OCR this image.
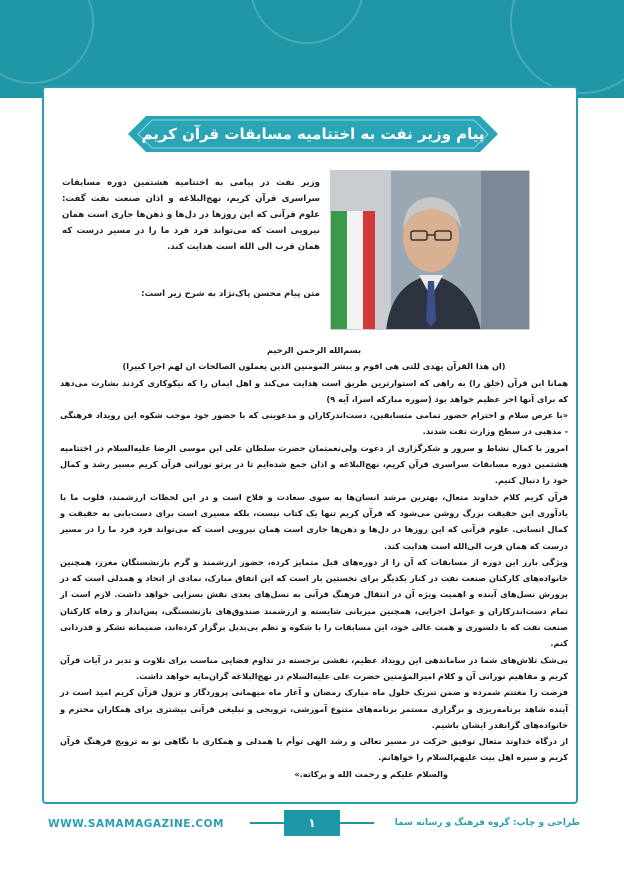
پیام وزیر نفت به اختتامیه مسابقات قرآن کریم
وزیر نفت در پیامی به اختتامیه هشتمین دوره مسابقات سراسری قرآن کریم، نهج‌البلاغه و اذان صنعت نفت گفت: علوم قرآنی که این روزها در دل‌ها و ذهن‌ها جاری است همان نیرویی است که می‌تواند فرد فرد ما را در مسیر درست که همان قرب الی الله است هدایت کند.
متن پیام محسن پاک‌نژاد به شرح زیر است:

بسم‌الله الرحمن الرحیم

(ان هذا القرآن یهدی للتی هی اقوم و یبشر المومنین الذین یعملون الصالحات ان لهم اجرا کبیرا)

همانا این قرآن (خلق را) به راهی که استوارترین طریق است هدایت می‌کند و اهل ایمان را که نیکوکاری کردند بشارت می‌دهد که برای آنها اجر عظیم خواهد بود (سوره مبارکه اسرا، آیه ۹)

«با عرض سلام و احترام حضور تمامی متسابقین، دست‌اندرکاران و مدعوینی که با حضور خود موجب شکوه این رویداد فرهنگی - مذهبی در سطح وزارت نفت شدند.

امروز با کمال نشاط و سرور و شکرگزاری از دعوت ولی‌نعمتمان حضرت سلطان علی ابن موسی الرضا علیه‌السلام در اختتامیه هشتمین دوره مسابقات سراسری قرآن کریم، نهج‌البلاغه و اذان جمع شده‌ایم تا در پرتو نورانی قرآن کریم مسیر رشد و کمال خود را دنبال کنیم.

قرآن کریم کلام خداوند متعال، بهترین مرشد انسان‌ها به سوی سعادت و فلاح است و در این لحظات ارزشمند، قلوب ما با یادآوری این حقیقت بزرگ روشن می‌شود که قرآن کریم تنها یک کتاب نیست، بلکه مسیری است برای دست‌یابی به حقیقت و کمال انسانی. علوم قرآنی که این روزها در دل‌ها و ذهن‌ها جاری است همان نیرویی است که می‌تواند فرد فرد ما را در مسیر درست که همان قرب الی‌الله است هدایت کند.

ویژگی بارز این دوره از مسابقات که آن را از دوره‌های قبل متمایز کرده، حضور ارزشمند و گرم بازنشستگان معزز، همچنین خانواده‌های کارکنان صنعت نفت در کنار یکدیگر برای نخستین بار است که این اتفاق مبارک، نمادی از اتحاد و همدلی است که در پرورش نسل‌های آینده و اهمیت ویژه آن در انتقال فرهنگ قرآنی به نسل‌های بعدی نقش بسزایی خواهد داشت. لازم است از تمام دست‌اندرکاران و عوامل اجرایی، همچنین میزبانی شایسته و ارزشمند صندوق‌های بازنشستگی، پس‌انداز و رفاه کارکنان صنعت نفت که با دلسوزی و همت عالی خود، این مسابقات را با شکوه و نظم بی‌بدیل برگزار کرده‌اند، صمیمانه تشکر و قدردانی کنم.

بی‌شک تلاش‌های شما در ساماندهی این رویداد عظیم، نقشی برجسته در تداوم فضایی مناسب برای تلاوت و تدبر در آیات قرآن کریم و مفاهیم نورانی آن و کلام امیرالمؤمنین حضرت علی علیه‌السلام در نهج‌البلاغه گران‌مایه خواهد داشت.

فرصت را مغتنم شمرده و ضمن تبریک حلول ماه مبارک رمضان و آغاز ماه میهمانی پروردگار و نزول قرآن کریم امید است در آینده شاهد برنامه‌ریزی و برگزاری مستمر برنامه‌های متنوع آموزشی، ترویجی و تبلیغی قرآنی بیشتری برای همکاران محترم و خانواده‌های گرانقدر ایشان باشیم.

از درگاه خداوند متعال توفیق حرکت در مسیر تعالی و رشد الهی توأم با همدلی و همکاری با نگاهی نو به ترویج فرهنگ قرآن کریم و سیره اهل بیت علیهم‌السلام را خواهانم.

والسلام علیکم و رحمت الله و برکاته.»

WWW.SAMAMAGAZINE.COM	۱	طراحی و چاپ: گروه فرهنگ و رسانه سما
